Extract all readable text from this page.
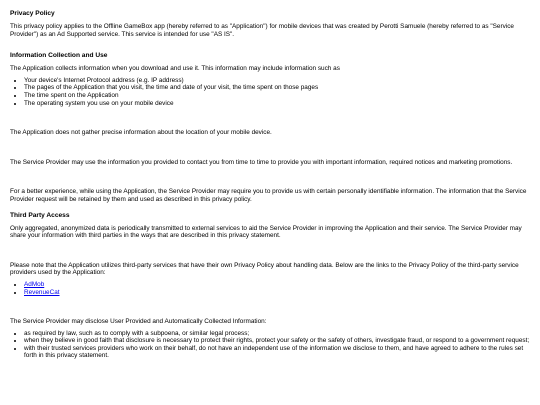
Privacy Policy

This privacy policy applies to the Offline GameBox app (hereby referred to as "Application") for mobile devices that was created by Perotti Samuele (hereby referred to as "Service Provider") as an Ad Supported service. This service is intended for use "AS IS".

Information Collection and Use

The Application collects information when you download and use it. This information may include information such as

• Your device's Internet Protocol address (e.g. IP address)
• The pages of the Application that you visit, the time and date of your visit, the time spent on those pages
• The time spent on the Application
• The operating system you use on your mobile device

The Application does not gather precise information about the location of your mobile device.

The Service Provider may use the information you provided to contact you from time to time to provide you with important information, required notices and marketing promotions.

For a better experience, while using the Application, the Service Provider may require you to provide us with certain personally identifiable information. The information that the Service Provider request will be retained by them and used as described in this privacy policy.

Third Party Access

Only aggregated, anonymized data is periodically transmitted to external services to aid the Service Provider in improving the Application and their service. The Service Provider may share your information with third parties in the ways that are described in this privacy statement.

Please note that the Application utilizes third-party services that have their own Privacy Policy about handling data. Below are the links to the Privacy Policy of the third-party service providers used by the Application:

• AdMob
• RevenueCat

The Service Provider may disclose User Provided and Automatically Collected Information:

• as required by law, such as to comply with a subpoena, or similar legal process;
• when they believe in good faith that disclosure is necessary to protect their rights, protect your safety or the safety of others, investigate fraud, or respond to a government request;
• with their trusted services providers who work on their behalf, do not have an independent use of the information we disclose to them, and have agreed to adhere to the rules set forth in this privacy statement.
